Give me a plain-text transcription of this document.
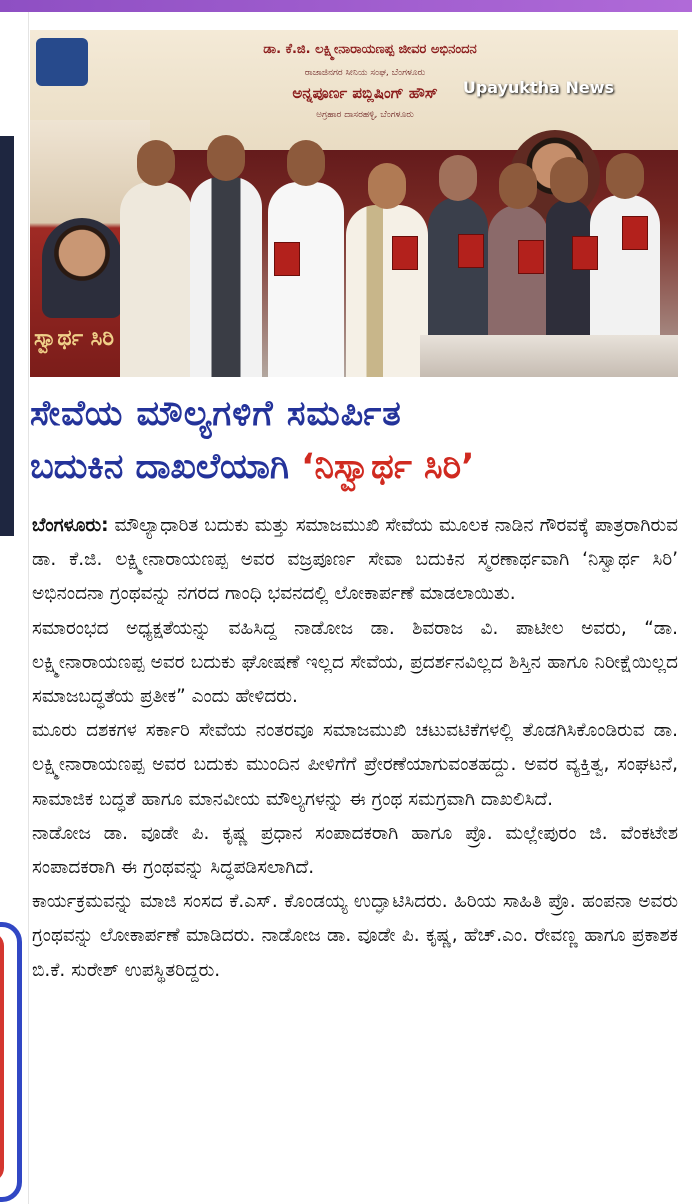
ಡಾ. ಕೆ.ಜಿ. ಲಕ್ಷ್ಮೀನಾರಾಯಣಪ್ಪ ಜೀವರ ಅಭಿನಂದನ
ರಾಜಾಜಿನಗರ ಸೀನಿಯ ಸಂಘ, ಬೆಂಗಳೂರು
ಅನ್ನಪೂರ್ಣ ಪಬ್ಲಿಷಿಂಗ್ ಹೌಸ್
ಅಗ್ರಹಾರ ದಾಸರಹಳ್ಳಿ, ಬೆಂಗಳೂರು
ಸ್ವಾರ್ಥ ಸಿರಿ
Upayuktha News
ಸೇವೆಯ ಮೌಲ್ಯಗಳಿಗೆ ಸಮರ್ಪಿತ
ಬದುಕಿನ ದಾಖಲೆಯಾಗಿ ‘ನಿಸ್ವಾರ್ಥ ಸಿರಿ’

ಬೆಂಗಳೂರು: ಮೌಲ್ಯಾಧಾರಿತ ಬದುಕು ಮತ್ತು ಸಮಾಜಮುಖಿ ಸೇವೆಯ ಮೂಲಕ ನಾಡಿನ ಗೌರವಕ್ಕೆ ಪಾತ್ರರಾಗಿರುವ ಡಾ. ಕೆ.ಜಿ. ಲಕ್ಷ್ಮೀನಾರಾಯಣಪ್ಪ ಅವರ ವಜ್ರಪೂರ್ಣ ಸೇವಾ ಬದುಕಿನ ಸ್ಮರಣಾರ್ಥವಾಗಿ ‘ನಿಸ್ವಾರ್ಥ ಸಿರಿ’ ಅಭಿನಂದನಾ ಗ್ರಂಥವನ್ನು ನಗರದ ಗಾಂಧಿ ಭವನದಲ್ಲಿ ಲೋಕಾರ್ಪಣೆ ಮಾಡಲಾಯಿತು.

ಸಮಾರಂಭದ ಅಧ್ಯಕ್ಷತೆಯನ್ನು ವಹಿಸಿದ್ದ ನಾಡೋಜ ಡಾ. ಶಿವರಾಜ ವಿ. ಪಾಟೀಲ ಅವರು, “ಡಾ. ಲಕ್ಷ್ಮೀನಾರಾಯಣಪ್ಪ ಅವರ ಬದುಕು ಘೋಷಣೆ ಇಲ್ಲದ ಸೇವೆಯ, ಪ್ರದರ್ಶನವಿಲ್ಲದ ಶಿಸ್ತಿನ ಹಾಗೂ ನಿರೀಕ್ಷೆಯಿಲ್ಲದ ಸಮಾಜಬದ್ಧತೆಯ ಪ್ರತೀಕ” ಎಂದು ಹೇಳಿದರು.

ಮೂರು ದಶಕಗಳ ಸರ್ಕಾರಿ ಸೇವೆಯ ನಂತರವೂ ಸಮಾಜಮುಖಿ ಚಟುವಟಿಕೆಗಳಲ್ಲಿ ತೊಡಗಿಸಿಕೊಂಡಿರುವ ಡಾ. ಲಕ್ಷ್ಮೀನಾರಾಯಣಪ್ಪ ಅವರ ಬದುಕು ಮುಂದಿನ ಪೀಳಿಗೆಗೆ ಪ್ರೇರಣೆಯಾಗುವಂತಹದ್ದು. ಅವರ ವ್ಯಕ್ತಿತ್ವ, ಸಂಘಟನೆ, ಸಾಮಾಜಿಕ ಬದ್ಧತೆ ಹಾಗೂ ಮಾನವೀಯ ಮೌಲ್ಯಗಳನ್ನು ಈ ಗ್ರಂಥ ಸಮಗ್ರವಾಗಿ ದಾಖಲಿಸಿದೆ.

ನಾಡೋಜ ಡಾ. ವೂಡೇ ಪಿ. ಕೃಷ್ಣ ಪ್ರಧಾನ ಸಂಪಾದಕರಾಗಿ ಹಾಗೂ ಪ್ರೊ. ಮಲ್ಲೇಪುರಂ ಜಿ. ವೆಂಕಟೇಶ ಸಂಪಾದಕರಾಗಿ ಈ ಗ್ರಂಥವನ್ನು ಸಿದ್ಧಪಡಿಸಲಾಗಿದೆ.

ಕಾರ್ಯಕ್ರಮವನ್ನು ಮಾಜಿ ಸಂಸದ ಕೆ.ಎಸ್. ಕೊಂಡಯ್ಯ ಉದ್ಘಾಟಿಸಿದರು. ಹಿರಿಯ ಸಾಹಿತಿ ಪ್ರೊ. ಹಂಪನಾ ಅವರು ಗ್ರಂಥವನ್ನು ಲೋಕಾರ್ಪಣೆ ಮಾಡಿದರು. ನಾಡೋಜ ಡಾ. ವೂಡೇ ಪಿ. ಕೃಷ್ಣ, ಹೆಚ್.ಎಂ. ರೇವಣ್ಣ ಹಾಗೂ ಪ್ರಕಾಶಕ ಬಿ.ಕೆ. ಸುರೇಶ್ ಉಪಸ್ಥಿತರಿದ್ದರು.
